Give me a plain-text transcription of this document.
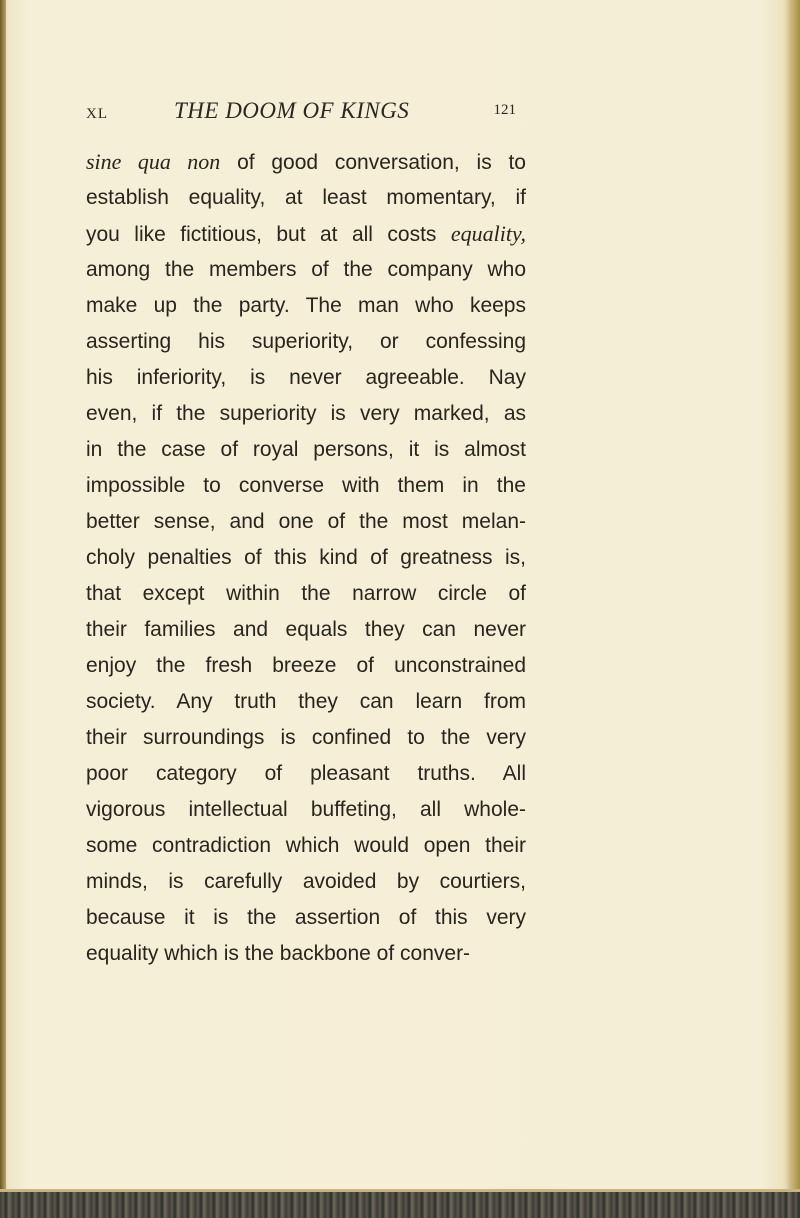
XL	THE DOOM OF KINGS	121
sine qua non of good conversation, is to
establish equality, at least momentary, if
you like fictitious, but at all costs equality,
among the members of the company who
make up the party. The man who keeps
asserting his superiority, or confessing
his inferiority, is never agreeable. Nay
even, if the superiority is very marked, as
in the case of royal persons, it is almost
impossible to converse with them in the
better sense, and one of the most melan-
choly penalties of this kind of greatness is,
that except within the narrow circle of
their families and equals they can never
enjoy the fresh breeze of unconstrained
society. Any truth they can learn from
their surroundings is confined to the very
poor category of pleasant truths. All
vigorous intellectual buffeting, all whole-
some contradiction which would open their
minds, is carefully avoided by courtiers,
because it is the assertion of this very
equality which is the backbone of conver-
